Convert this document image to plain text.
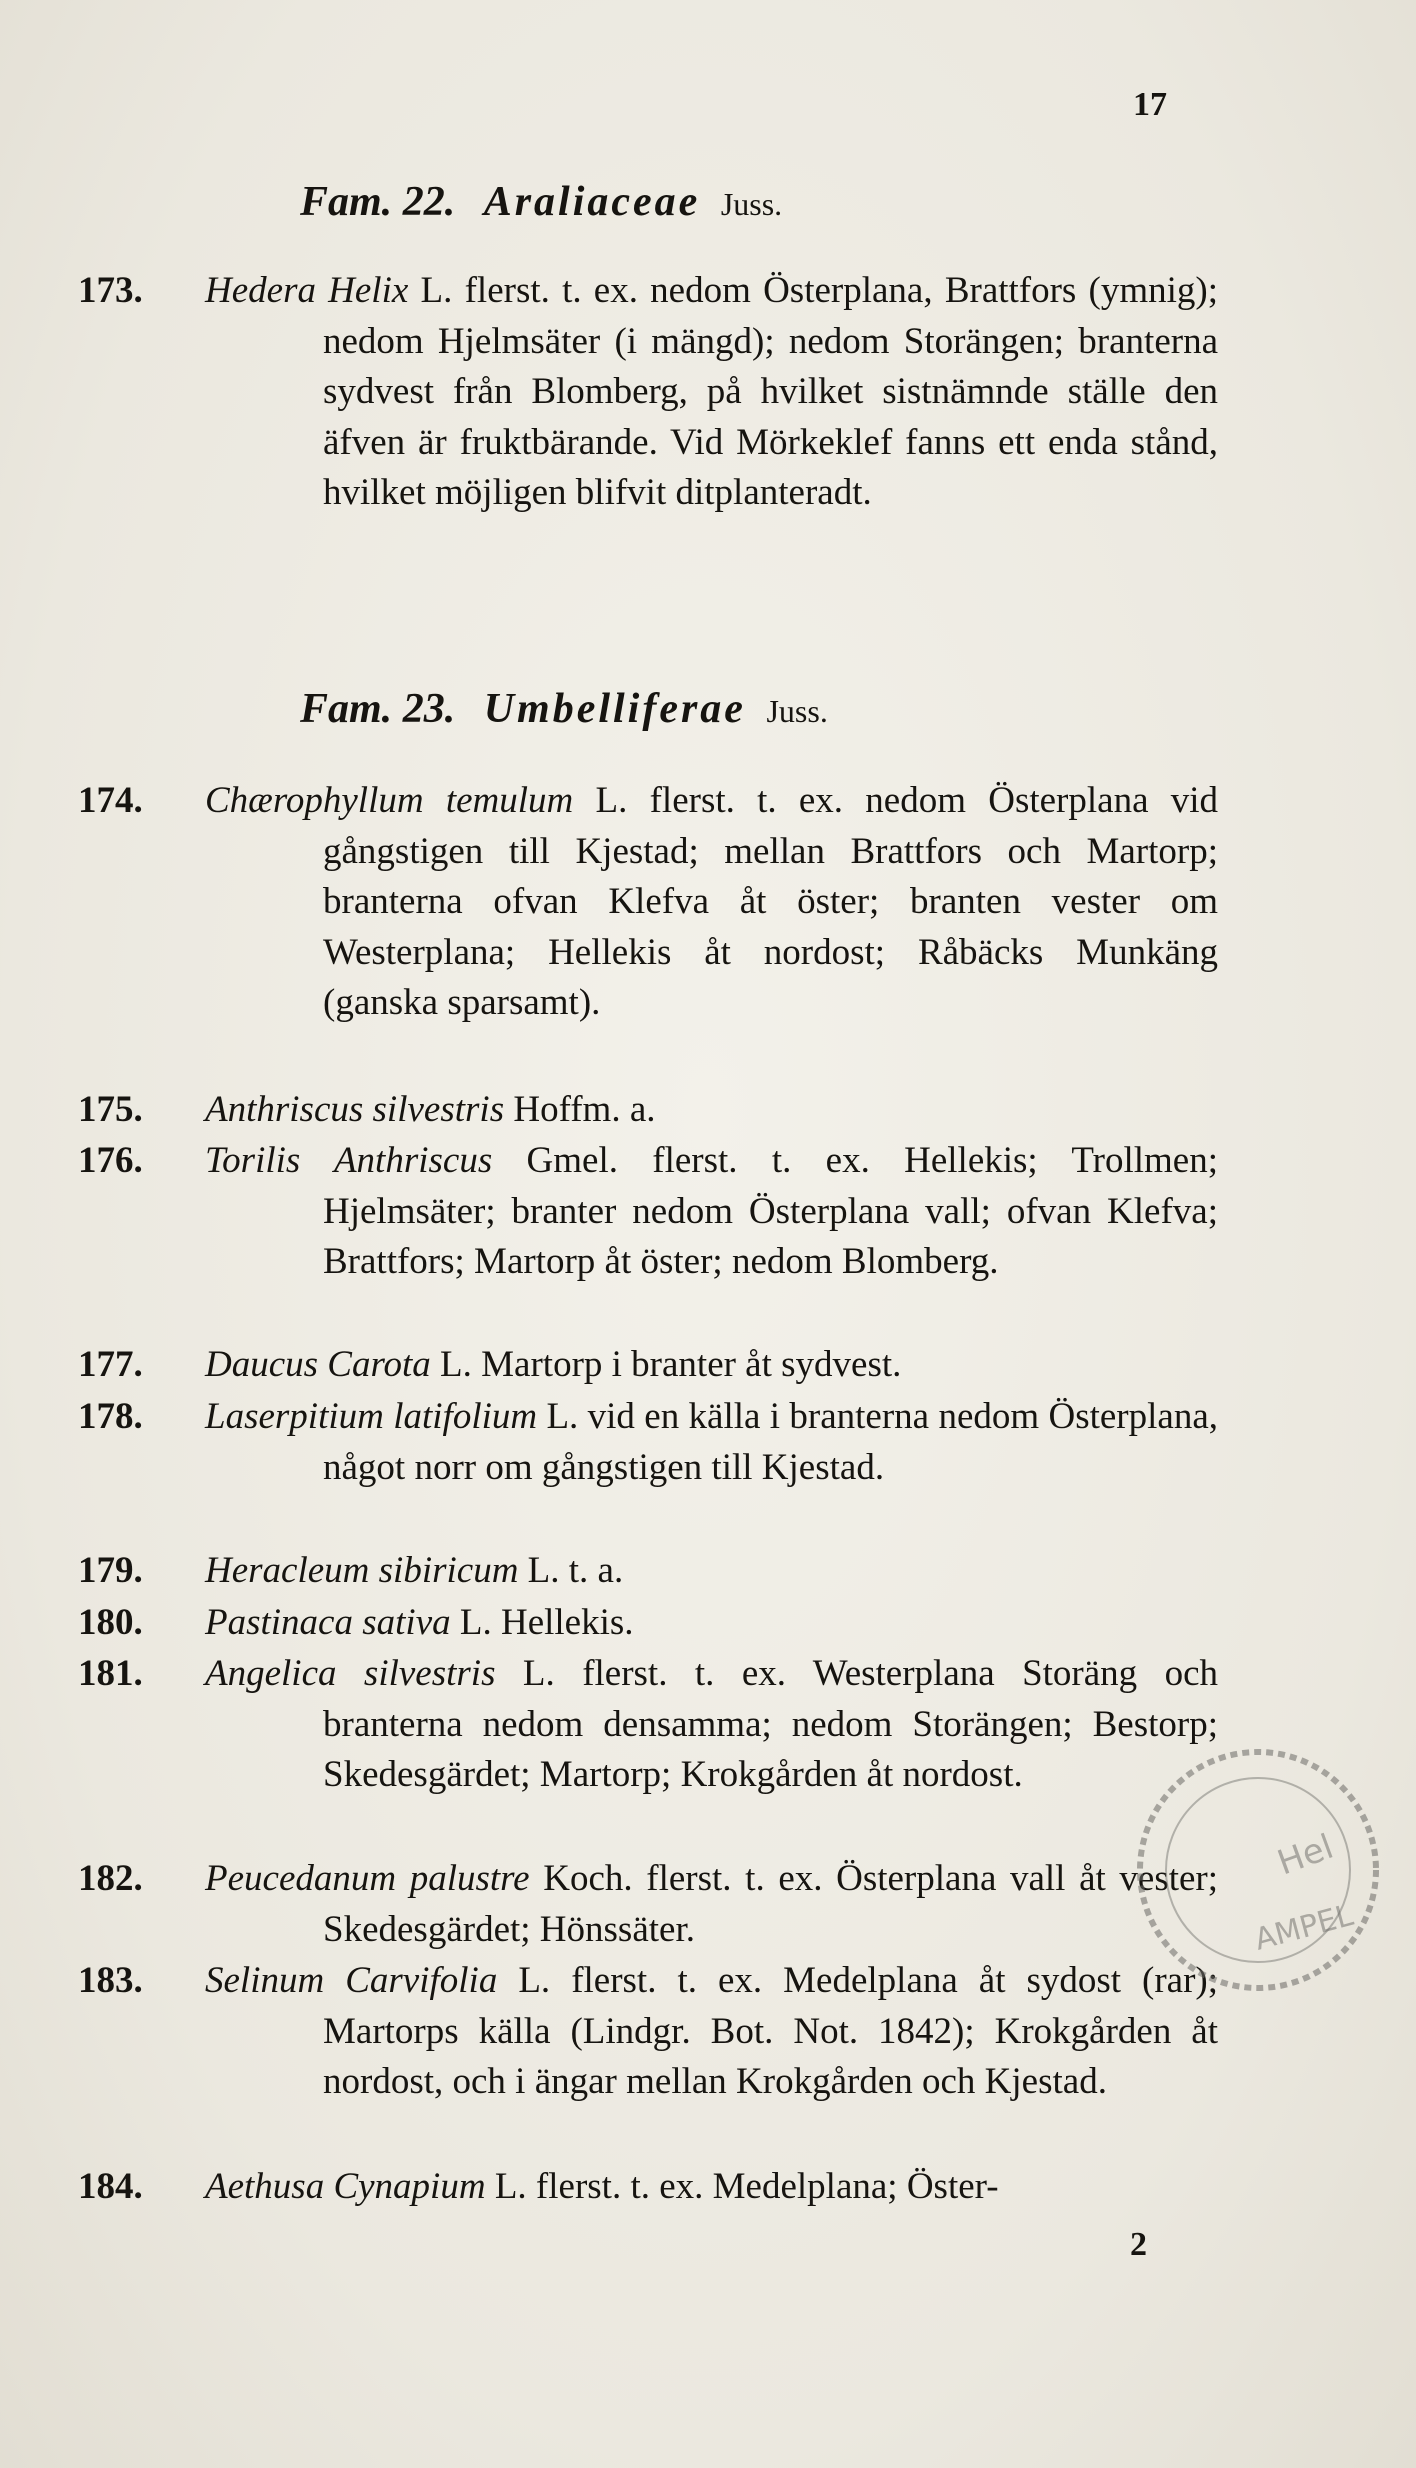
17
Fam. 22. Araliaceae Juss.
173. Hedera Helix L. flerst. t. ex. nedom Österplana, Brattfors (ymnig); nedom Hjelmsäter (i mängd); nedom Storängen; branterna sydvest från Blomberg, på hvilket sistnämnde ställe den äfven är fruktbärande. Vid Mörkeklef fanns ett enda stånd, hvilket möjligen blifvit ditplanteradt.
Fam. 23. Umbelliferae Juss.
174. Chærophyllum temulum L. flerst. t. ex. nedom Österplana vid gångstigen till Kjestad; mellan Brattfors och Martorp; branterna ofvan Klefva åt öster; branten vester om Westerplana; Hellekis åt nordost; Råbäcks Munkäng (ganska sparsamt).
175. Anthriscus silvestris Hoffm. a.
176. Torilis Anthriscus Gmel. flerst. t. ex. Hellekis; Trollmen; Hjelmsäter; branter nedom Österplana vall; ofvan Klefva; Brattfors; Martorp åt öster; nedom Blomberg.
177. Daucus Carota L. Martorp i branter åt sydvest.
178. Laserpitium latifolium L. vid en källa i branterna nedom Österplana, något norr om gångstigen till Kjestad.
179. Heracleum sibiricum L. t. a.
180. Pastinaca sativa L. Hellekis.
181. Angelica silvestris L. flerst. t. ex. Westerplana Storäng och branterna nedom densamma; nedom Storängen; Bestorp; Skedesgärdet; Martorp; Krokgården åt nordost.
182. Peucedanum palustre Koch. flerst. t. ex. Österplana vall åt vester; Skedesgärdet; Hönssäter.
183. Selinum Carvifolia L. flerst. t. ex. Medelplana åt sydost (rar); Martorps källa (Lindgr. Bot. Not. 1842); Krokgården åt nordost, och i ängar mellan Krokgården och Kjestad.
184. Aethusa Cynapium L. flerst. t. ex. Medelplana; Öster-
2
Hel
AMPEL
